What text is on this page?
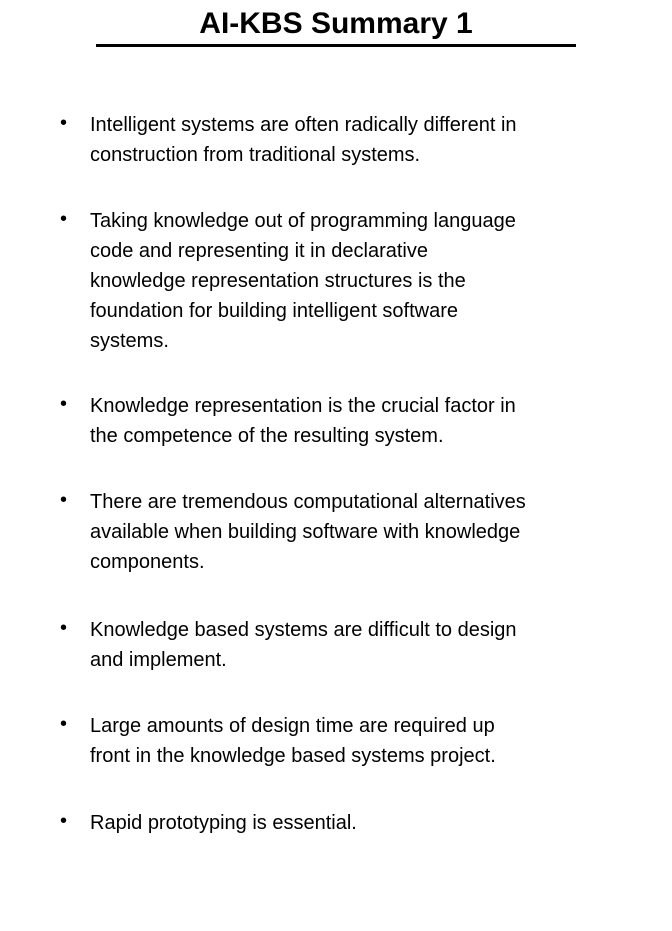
AI-KBS Summary 1
• Intelligent systems are often radically different in
construction from traditional systems.
• Taking knowledge out of programming language
code and representing it in declarative
knowledge representation structures is the
foundation for building intelligent software
systems.
• Knowledge representation is the crucial factor in
the competence of the resulting system.
• There are tremendous computational alternatives
available when building software with knowledge
components.
• Knowledge based systems are difficult to design
and implement.
• Large amounts of design time are required up
front in the knowledge based systems project.
• Rapid prototyping is essential.
